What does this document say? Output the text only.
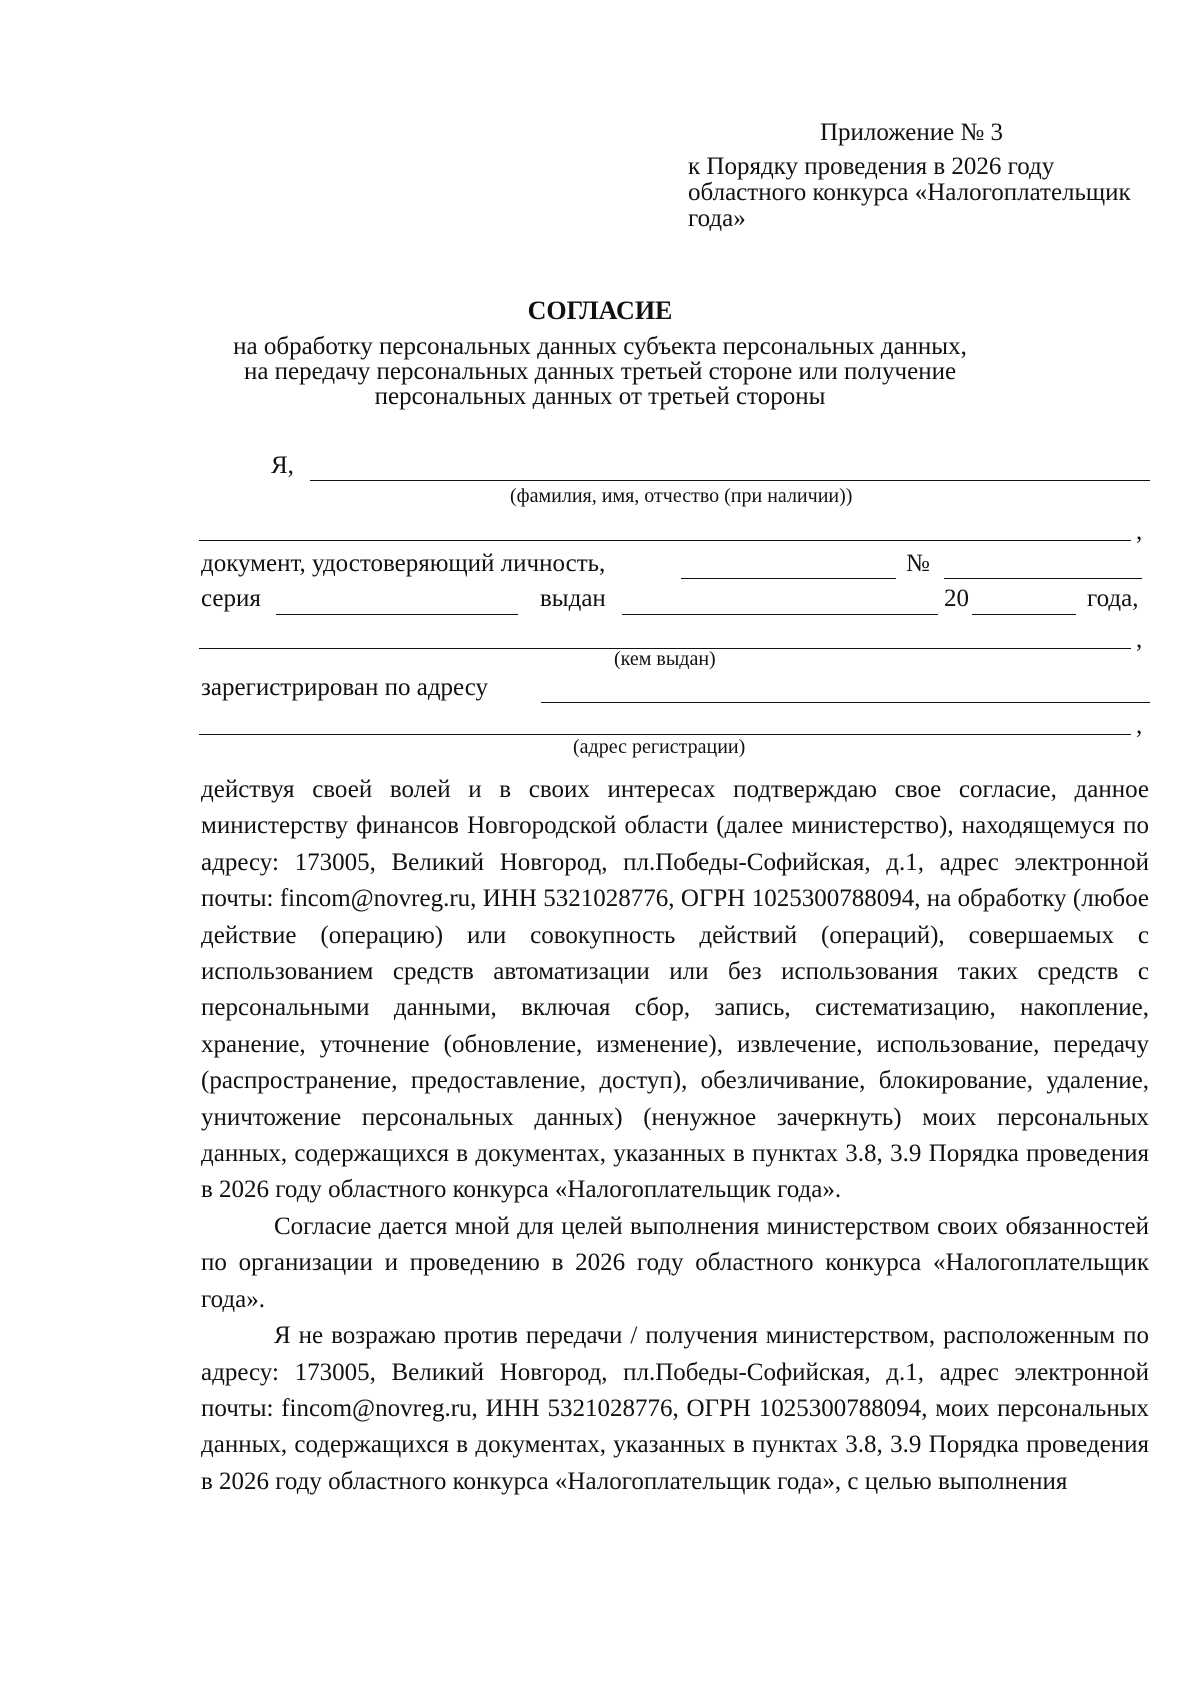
Приложение № 3
к Порядку проведения в 2026 году
областного конкурса «Налогоплательщик
года»
СОГЛАСИЕ
на обработку персональных данных субъекта персональных данных,
на передачу персональных данных третьей стороне или получение
персональных данных от третьей стороны
Я,
(фамилия, имя, отчество (при наличии))
,
документ, удостоверяющий личность,	№
серия	выдан	20	года,
,
(кем выдан)
зарегистрирован по адресу
,
(адрес регистрации)

действуя своей волей и в своих интересах подтверждаю свое согласие, данное министерству финансов Новгородской области (далее министерство), находящемуся по адресу: 173005, Великий Новгород, пл.Победы-Софийская, д.1, адрес электронной почты: fincom@novreg.ru, ИНН 5321028776, ОГРН 1025300788094, на обработку (любое действие (операцию) или совокупность действий (операций), совершаемых с использованием средств автоматизации или без использования таких средств с персональными данными, включая сбор, запись, систематизацию, накопление, хранение, уточнение (обновление, изменение), извлечение, использование, передачу (распространение, предоставление, доступ), обезличивание, блокирование, удаление, уничтожение персональных данных) (ненужное зачеркнуть) моих персональных данных, содержащихся в документах, указанных в пунктах 3.8, 3.9 Порядка проведения в 2026 году областного конкурса «Налогоплательщик года».

Согласие дается мной для целей выполнения министерством своих обязанностей по организации и проведению в 2026 году областного конкурса «Налогоплательщик года».

Я не возражаю против передачи / получения министерством, расположенным по адресу: 173005, Великий Новгород, пл.Победы-Софийская, д.1, адрес электронной почты: fincom@novreg.ru, ИНН 5321028776, ОГРН 1025300788094, моих персональных данных, содержащихся в документах, указанных в пунктах 3.8, 3.9 Порядка проведения в 2026 году областного конкурса «Налогоплательщик года», с целью выполнения
